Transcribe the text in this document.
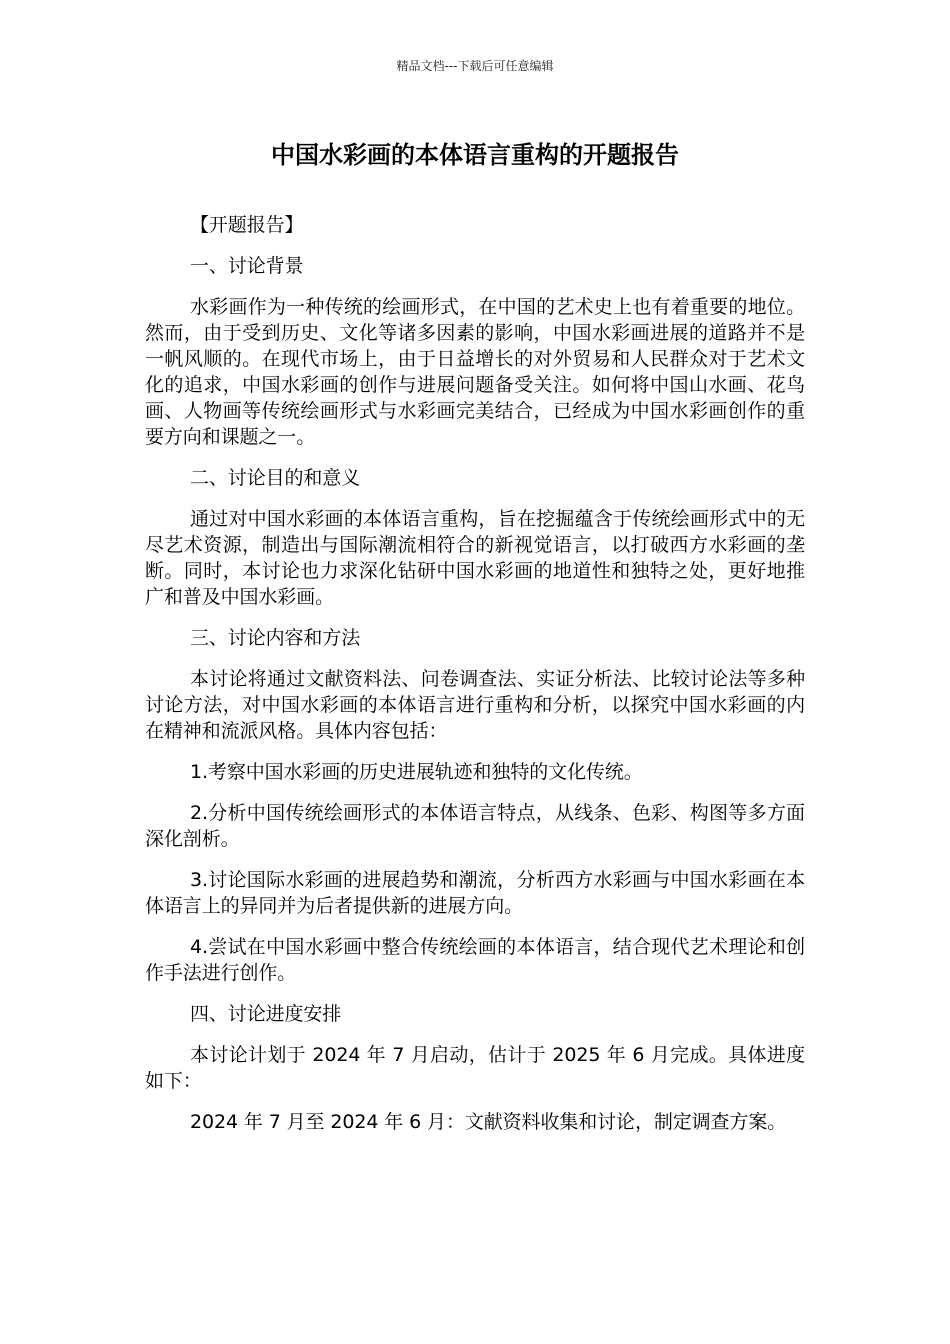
精品文档---下载后可任意编辑
中国水彩画的本体语言重构的开题报告

【开题报告】

一、讨论背景

水彩画作为一种传统的绘画形式，在中国的艺术史上也有着重要的地位。然而，由于受到历史、文化等诸多因素的影响，中国水彩画进展的道路并不是一帆风顺的。在现代市场上，由于日益增长的对外贸易和人民群众对于艺术文化的追求，中国水彩画的创作与进展问题备受关注。如何将中国山水画、花鸟画、人物画等传统绘画形式与水彩画完美结合，已经成为中国水彩画创作的重要方向和课题之一。

二、讨论目的和意义

通过对中国水彩画的本体语言重构，旨在挖掘蕴含于传统绘画形式中的无尽艺术资源，制造出与国际潮流相符合的新视觉语言，以打破西方水彩画的垄断。同时，本讨论也力求深化钻研中国水彩画的地道性和独特之处，更好地推广和普及中国水彩画。

三、讨论内容和方法

本讨论将通过文献资料法、问卷调查法、实证分析法、比较讨论法等多种讨论方法，对中国水彩画的本体语言进行重构和分析，以探究中国水彩画的内在精神和流派风格。具体内容包括：

1.考察中国水彩画的历史进展轨迹和独特的文化传统。

2.分析中国传统绘画形式的本体语言特点，从线条、色彩、构图等多方面深化剖析。

3.讨论国际水彩画的进展趋势和潮流，分析西方水彩画与中国水彩画在本体语言上的异同并为后者提供新的进展方向。

4.尝试在中国水彩画中整合传统绘画的本体语言，结合现代艺术理论和创作手法进行创作。

四、讨论进度安排

本讨论计划于 2024 年 7 月启动，估计于 2025 年 6 月完成。具体进度如下：

2024 年 7 月至 2024 年 6 月：文献资料收集和讨论，制定调查方案。
